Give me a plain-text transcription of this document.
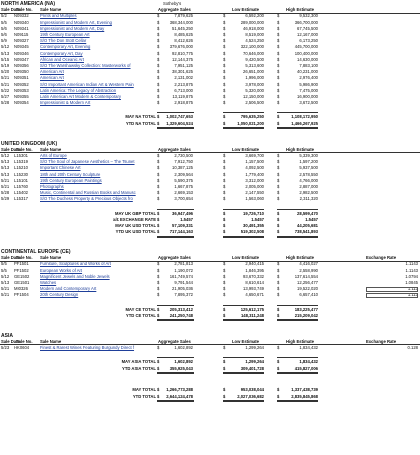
NORTH AMERICA (NA)	Sotheby's
Sale Date
Sale No.	Sale Name	Aggregate Sales	Low Estimate	High Estimate
5/2	N09332	Prints and Multiples	$	7,879,625	$	6,592,200	$	9,532,300
5/5	N09340	Impressionist and Modern Art, Evening	$	368,344,000	$	289,000,000	$	366,700,000
5/6	N09341	Impressionist and Modern Art, Day	$	51,645,250	$	46,918,000	$	67,745,500
5/6	N09115	19th Century European Art	$	8,485,625	$	8,519,000	$	12,167,000
5/9	N09327	S/O The Don Stott Cellar	$	8,412,626	$	4,524,250	$	6,173,250
5/12	N09345	Contemporary Art, Evening	$	379,676,000	$	322,100,000	$	445,700,000
5/13	N09346	Contemporary Art, Day	$	92,810,775	$	70,646,000	$	100,400,000
5/15	N09347	African and Oceanic Art	$	12,144,375	$	9,420,500	$	14,630,000
5/19	N09356	S/O The Warshawsky Collection: Masterworks of	$	7,951,125	$	5,313,600	$	7,883,100
5/20	N09350	American Art	$	38,301,625	$	26,651,000	$	40,231,000
5/21	N09351	American Art	$	2,131,002	$	1,996,000	$	2,976,400
5/21	N09352	S/O Important American Indian Art & Western Pain	$	2,213,875	$	3,978,000	$	5,986,900
5/22	N09353	Latin America: The Legacy of Abstraction	$	6,713,000	$	5,320,000	$	7,475,000
5/27	N09355	Latin American Art Modern & Contemporary	$	13,119,875	$	12,150,000	$	16,900,000
5/28	N09354	Impressionist & Modern Art	$	2,918,875	$	2,506,500	$	3,672,500
MAY NA TOTAL $	1,002,747,653	$	795,635,250	$	1,108,172,950
YTD NA TOTAL $	1,329,604,524	$	1,050,021,200	$	1,466,267,925
UNITED KINGDOM (UK)
Sale Date
Sale No.	Sale Name	Aggregate Sales	Low Estimate	High Estimate
5/12	L15301	Arts of Europe	$	2,730,500	$	3,669,700	$	5,339,300
5/13	L15319	S/O The Soul of Japanese Aesthetics – The Tsunet	$	7,912,750	$	1,157,500	$	1,597,200
5/13	L15210	Important Chinese Art	$	10,387,125	$	4,092,500	$	5,937,500
5/13	L15230	18th and 20th Century Sculpture	$	2,309,564	$	1,779,400	$	2,578,550
5/21	L15101	19th Century European Paintings	$	5,590,375	$	3,312,000	$	4,766,000
5/21	L15760	Photographs	$	1,667,875	$	2,005,000	$	2,887,000
5/28	L15402	Music, Continental and Russian Books and Manusc	$	2,669,153	$	2,147,550	$	2,982,500
5/29	L15317	S/O The Duchess Property & Precious Objects fro	$	3,700,654	$	1,563,060	$	2,311,320
MAY UK GBP TOTAL $	36,947,496	$	19,726,710	$	28,599,470
x/£ EXCHANGE RATE $	1.5457	$	1.5457	$	1.5457
MAY UK USD TOTAL $	57,109,331	$	30,491,355	$	44,205,681
YTD UK USD TOTAL $	717,144,163	$	519,302,508	$	738,541,893
CONTINENTAL EUROPE (CE)
Sale Date
Sale No.	Sale Name	Aggregate Sales	Low Estimate	High Estimate	Exchange Rate
5/5	PF1501	Furniture, Sculptures and Works of Art	$	2,781,813	$	2,940,415	$	4,416,027	1.1143
5/5	PF1502	European Works of Art	$	1,190,072	$	1,846,395	$	2,558,990	1.1143
5/12	GE1502	Magnificent Jewels and Noble Jewels	$	161,749,574	$	93,670,332	$	137,614,554	1.0794
5/13	GE1501	Watches	$	9,791,544	$	8,610,614	$	12,256,477	1.0845
5/21	MI0326	Modern and Contemporary Art	$	21,905,036	$	13,993,749	$	19,522,020	1.113
5/21	PF1504	20th Century Design	$	7,895,372	$	4,650,671	$	6,657,410	1.113
MAY CE TOTAL $	205,313,412	$	125,612,175	$	183,225,477
YTD CE TOTAL $	241,250,748	$	148,311,248	$	215,209,042
ASIA
Sale Date
Sale No.	Sale Name	Aggregate Sales	Low Estimate	High Estimate	Exchange Rate
5/23	HK0604	Finest & Rarest Wines Featuring Burgundy Direct f	$	1,602,892	$	1,299,264	$	1,834,432	0.128
MAY ASIA TOTAL $	1,602,892	$	1,299,264	$	1,834,432
YTD ASIA TOTAL $	355,925,043	$	309,401,728	$	415,827,006
MAY TOTAL $	1,266,773,288	$	953,038,044	$	1,337,438,739
YTD TOTAL $	2,644,124,478	$	2,027,036,682	$	2,835,845,868
